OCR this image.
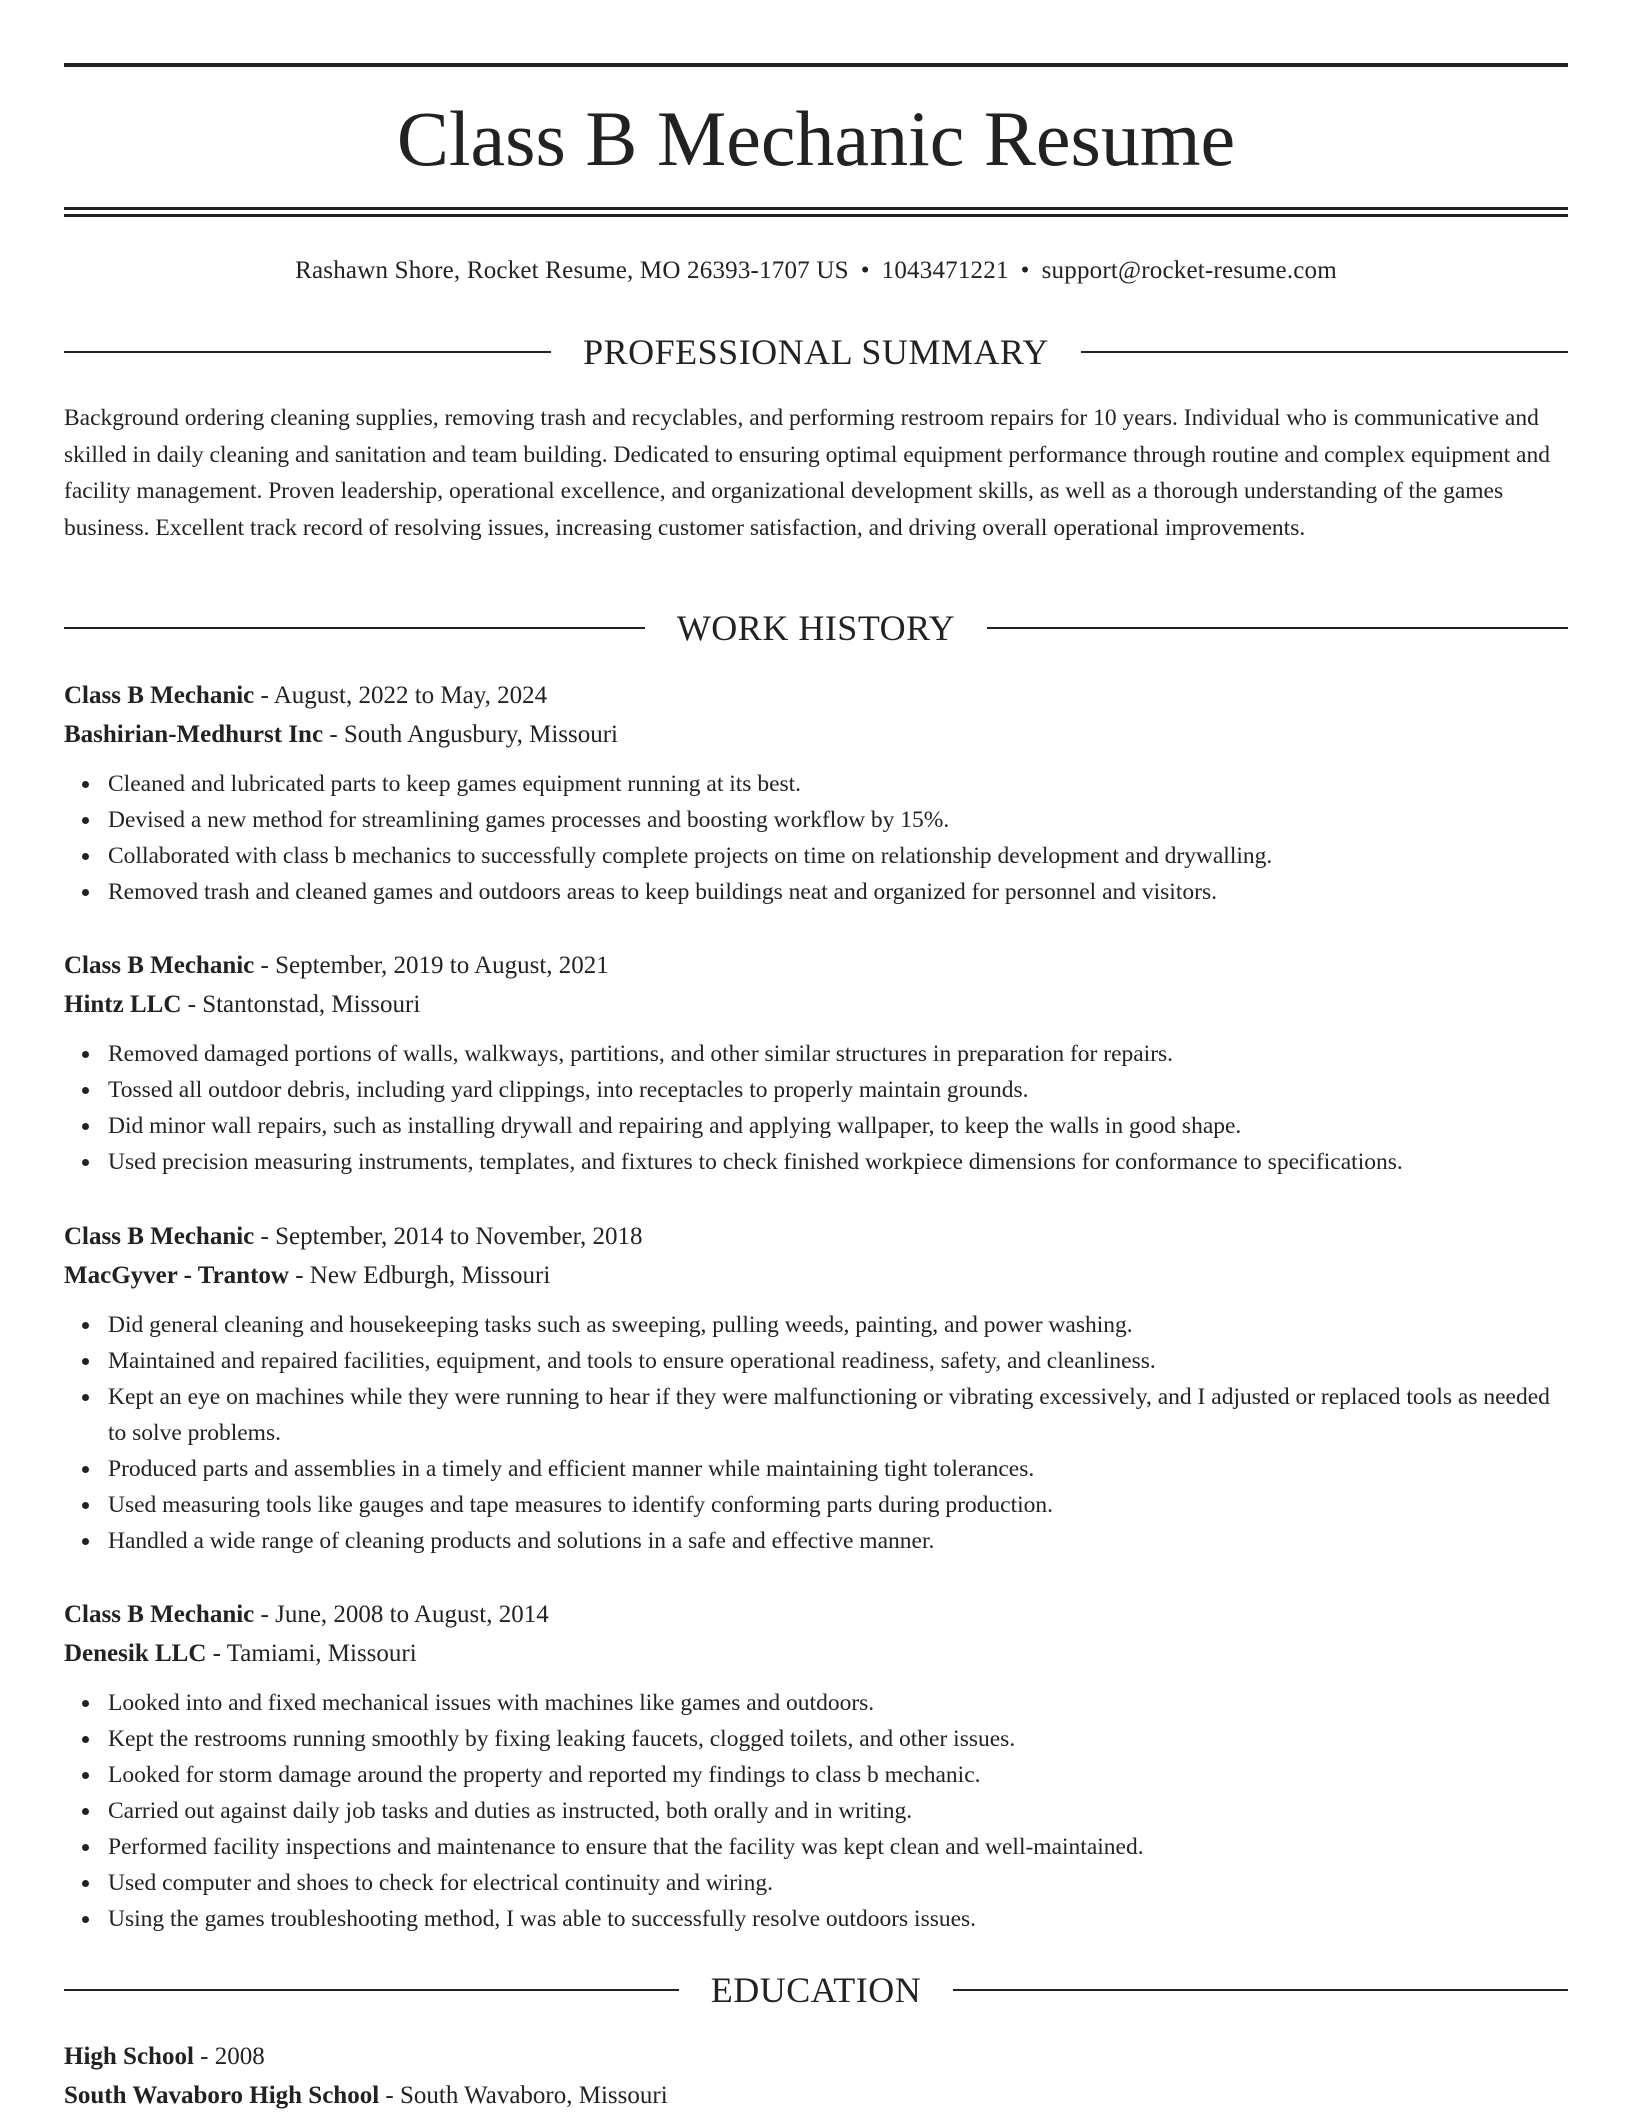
Class B Mechanic Resume
Rashawn Shore, Rocket Resume, MO 26393-1707 US • 1043471221 • support@rocket-resume.com
PROFESSIONAL SUMMARY

Background ordering cleaning supplies, removing trash and recyclables, and performing restroom repairs for 10 years. Individual who is communicative and skilled in daily cleaning and sanitation and team building. Dedicated to ensuring optimal equipment performance through routine and complex equipment and facility management. Proven leadership, operational excellence, and organizational development skills, as well as a thorough understanding of the games business. Excellent track record of resolving issues, increasing customer satisfaction, and driving overall operational improvements.

WORK HISTORY
Class B Mechanic - August, 2022 to May, 2024
Bashirian-Medhurst Inc - South Angusbury, Missouri
Cleaned and lubricated parts to keep games equipment running at its best.
Devised a new method for streamlining games processes and boosting workflow by 15%.
Collaborated with class b mechanics to successfully complete projects on time on relationship development and drywalling.
Removed trash and cleaned games and outdoors areas to keep buildings neat and organized for personnel and visitors.
Class B Mechanic - September, 2019 to August, 2021
Hintz LLC - Stantonstad, Missouri
Removed damaged portions of walls, walkways, partitions, and other similar structures in preparation for repairs.
Tossed all outdoor debris, including yard clippings, into receptacles to properly maintain grounds.
Did minor wall repairs, such as installing drywall and repairing and applying wallpaper, to keep the walls in good shape.
Used precision measuring instruments, templates, and fixtures to check finished workpiece dimensions for conformance to specifications.
Class B Mechanic - September, 2014 to November, 2018
MacGyver - Trantow - New Edburgh, Missouri
Did general cleaning and housekeeping tasks such as sweeping, pulling weeds, painting, and power washing.
Maintained and repaired facilities, equipment, and tools to ensure operational readiness, safety, and cleanliness.
Kept an eye on machines while they were running to hear if they were malfunctioning or vibrating excessively, and I adjusted or replaced tools as needed to solve problems.
Produced parts and assemblies in a timely and efficient manner while maintaining tight tolerances.
Used measuring tools like gauges and tape measures to identify conforming parts during production.
Handled a wide range of cleaning products and solutions in a safe and effective manner.
Class B Mechanic - June, 2008 to August, 2014
Denesik LLC - Tamiami, Missouri
Looked into and fixed mechanical issues with machines like games and outdoors.
Kept the restrooms running smoothly by fixing leaking faucets, clogged toilets, and other issues.
Looked for storm damage around the property and reported my findings to class b mechanic.
Carried out against daily job tasks and duties as instructed, both orally and in writing.
Performed facility inspections and maintenance to ensure that the facility was kept clean and well-maintained.
Used computer and shoes to check for electrical continuity and wiring.
Using the games troubleshooting method, I was able to successfully resolve outdoors issues.
EDUCATION
High School - 2008
South Wavaboro High School - South Wavaboro, Missouri
